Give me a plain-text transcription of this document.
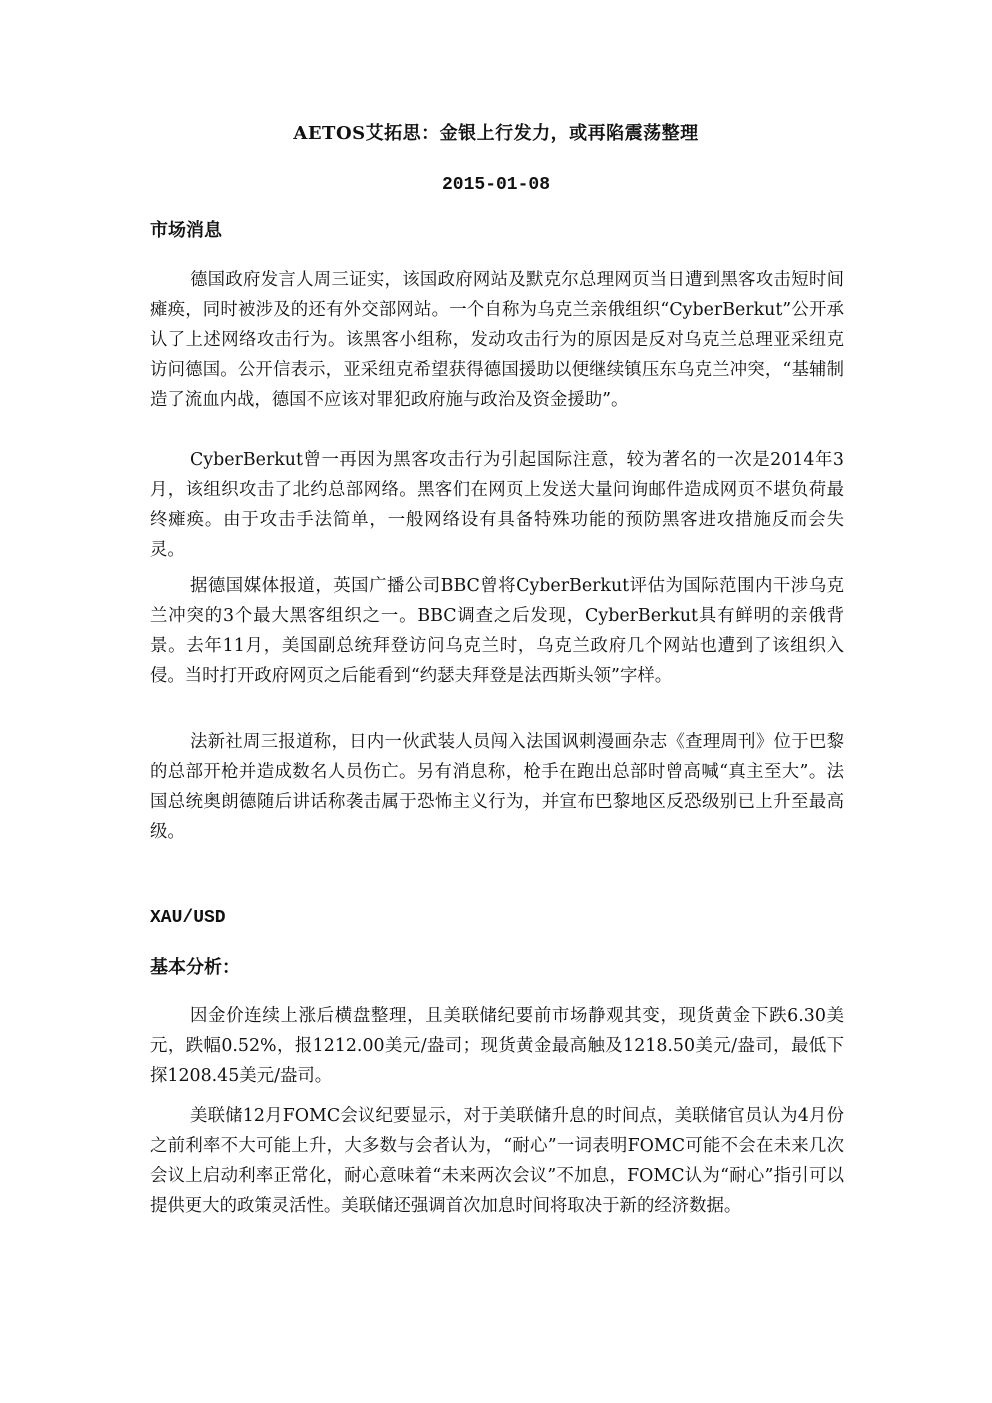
AETOS艾拓思：金银上行发力，或再陷震荡整理
2015-01-08
市场消息

德国政府发言人周三证实，该国政府网站及默克尔总理网页当日遭到黑客攻击短时间瘫痪，同时被涉及的还有外交部网站。一个自称为乌克兰亲俄组织“CyberBerkut”公开承认了上述网络攻击行为。该黑客小组称，发动攻击行为的原因是反对乌克兰总理亚采纽克访问德国。公开信表示，亚采纽克希望获得德国援助以便继续镇压东乌克兰冲突，“基辅制造了流血内战，德国不应该对罪犯政府施与政治及资金援助”。

CyberBerkut曾一再因为黑客攻击行为引起国际注意，较为著名的一次是2014年3月，该组织攻击了北约总部网络。黑客们在网页上发送大量问询邮件造成网页不堪负荷最终瘫痪。由于攻击手法简单，一般网络设有具备特殊功能的预防黑客进攻措施反而会失灵。

据德国媒体报道，英国广播公司BBC曾将CyberBerkut评估为国际范围内干涉乌克兰冲突的3个最大黑客组织之一。BBC调查之后发现，CyberBerkut具有鲜明的亲俄背景。去年11月，美国副总统拜登访问乌克兰时，乌克兰政府几个网站也遭到了该组织入侵。当时打开政府网页之后能看到“约瑟夫拜登是法西斯头领”字样。

法新社周三报道称，日内一伙武装人员闯入法国讽刺漫画杂志《查理周刊》位于巴黎的总部开枪并造成数名人员伤亡。另有消息称，枪手在跑出总部时曾高喊“真主至大”。法国总统奥朗德随后讲话称袭击属于恐怖主义行为，并宣布巴黎地区反恐级别已上升至最高级。

XAU/USD
基本分析：

因金价连续上涨后横盘整理，且美联储纪要前市场静观其变，现货黄金下跌6.30美元，跌幅0.52%，报1212.00美元/盎司；现货黄金最高触及1218.50美元/盎司，最低下探1208.45美元/盎司。

美联储12月FOMC会议纪要显示，对于美联储升息的时间点，美联储官员认为4月份之前利率不大可能上升，大多数与会者认为，“耐心”一词表明FOMC可能不会在未来几次会议上启动利率正常化，耐心意味着“未来两次会议”不加息，FOMC认为“耐心”指引可以提供更大的政策灵活性。美联储还强调首次加息时间将取决于新的经济数据。
